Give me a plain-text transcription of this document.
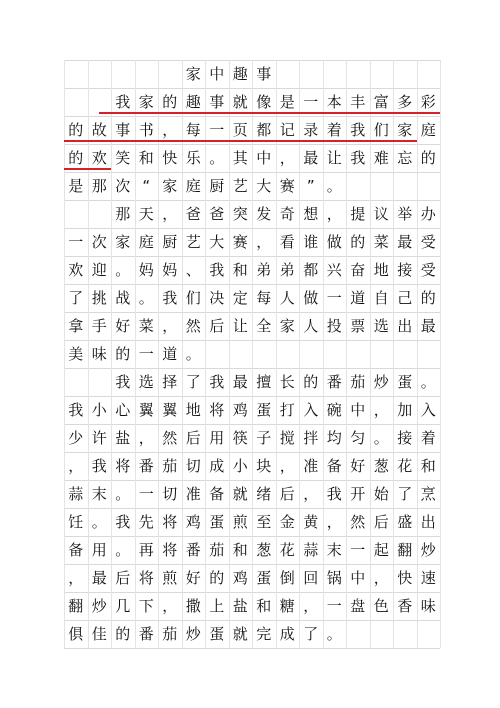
家 中 趣 事
我 家 的 趣 事 就 像 是 一 本 丰 富 多 彩
的 故 事 书 ， 每 一 页 都 记 录 着 我 们 家 庭
的 欢 笑 和 快 乐 。 其 中 ， 最 让 我 难 忘 的
是 那 次 “ 家 庭 厨 艺 大 赛 ” 。
那 天 ， 爸 爸 突 发 奇 想 ， 提 议 举 办
一 次 家 庭 厨 艺 大 赛 ， 看 谁 做 的 菜 最 受
欢 迎 。 妈 妈 、 我 和 弟 弟 都 兴 奋 地 接 受
了 挑 战 。 我 们 决 定 每 人 做 一 道 自 己 的
拿 手 好 菜 ， 然 后 让 全 家 人 投 票 选 出 最
美 味 的 一 道 。
我 选 择 了 我 最 擅 长 的 番 茄 炒 蛋 。
我 小 心 翼 翼 地 将 鸡 蛋 打 入 碗 中 ， 加 入
少 许 盐 ， 然 后 用 筷 子 搅 拌 均 匀 。 接 着
， 我 将 番 茄 切 成 小 块 ， 准 备 好 葱 花 和
蒜 末 。 一 切 准 备 就 绪 后 ， 我 开 始 了 烹
饪 。 我 先 将 鸡 蛋 煎 至 金 黄 ， 然 后 盛 出
备 用 。 再 将 番 茄 和 葱 花 蒜 末 一 起 翻 炒
， 最 后 将 煎 好 的 鸡 蛋 倒 回 锅 中 ， 快 速
翻 炒 几 下 ， 撒 上 盐 和 糖 ， 一 盘 色 香 味
俱 佳 的 番 茄 炒 蛋 就 完 成 了 。
